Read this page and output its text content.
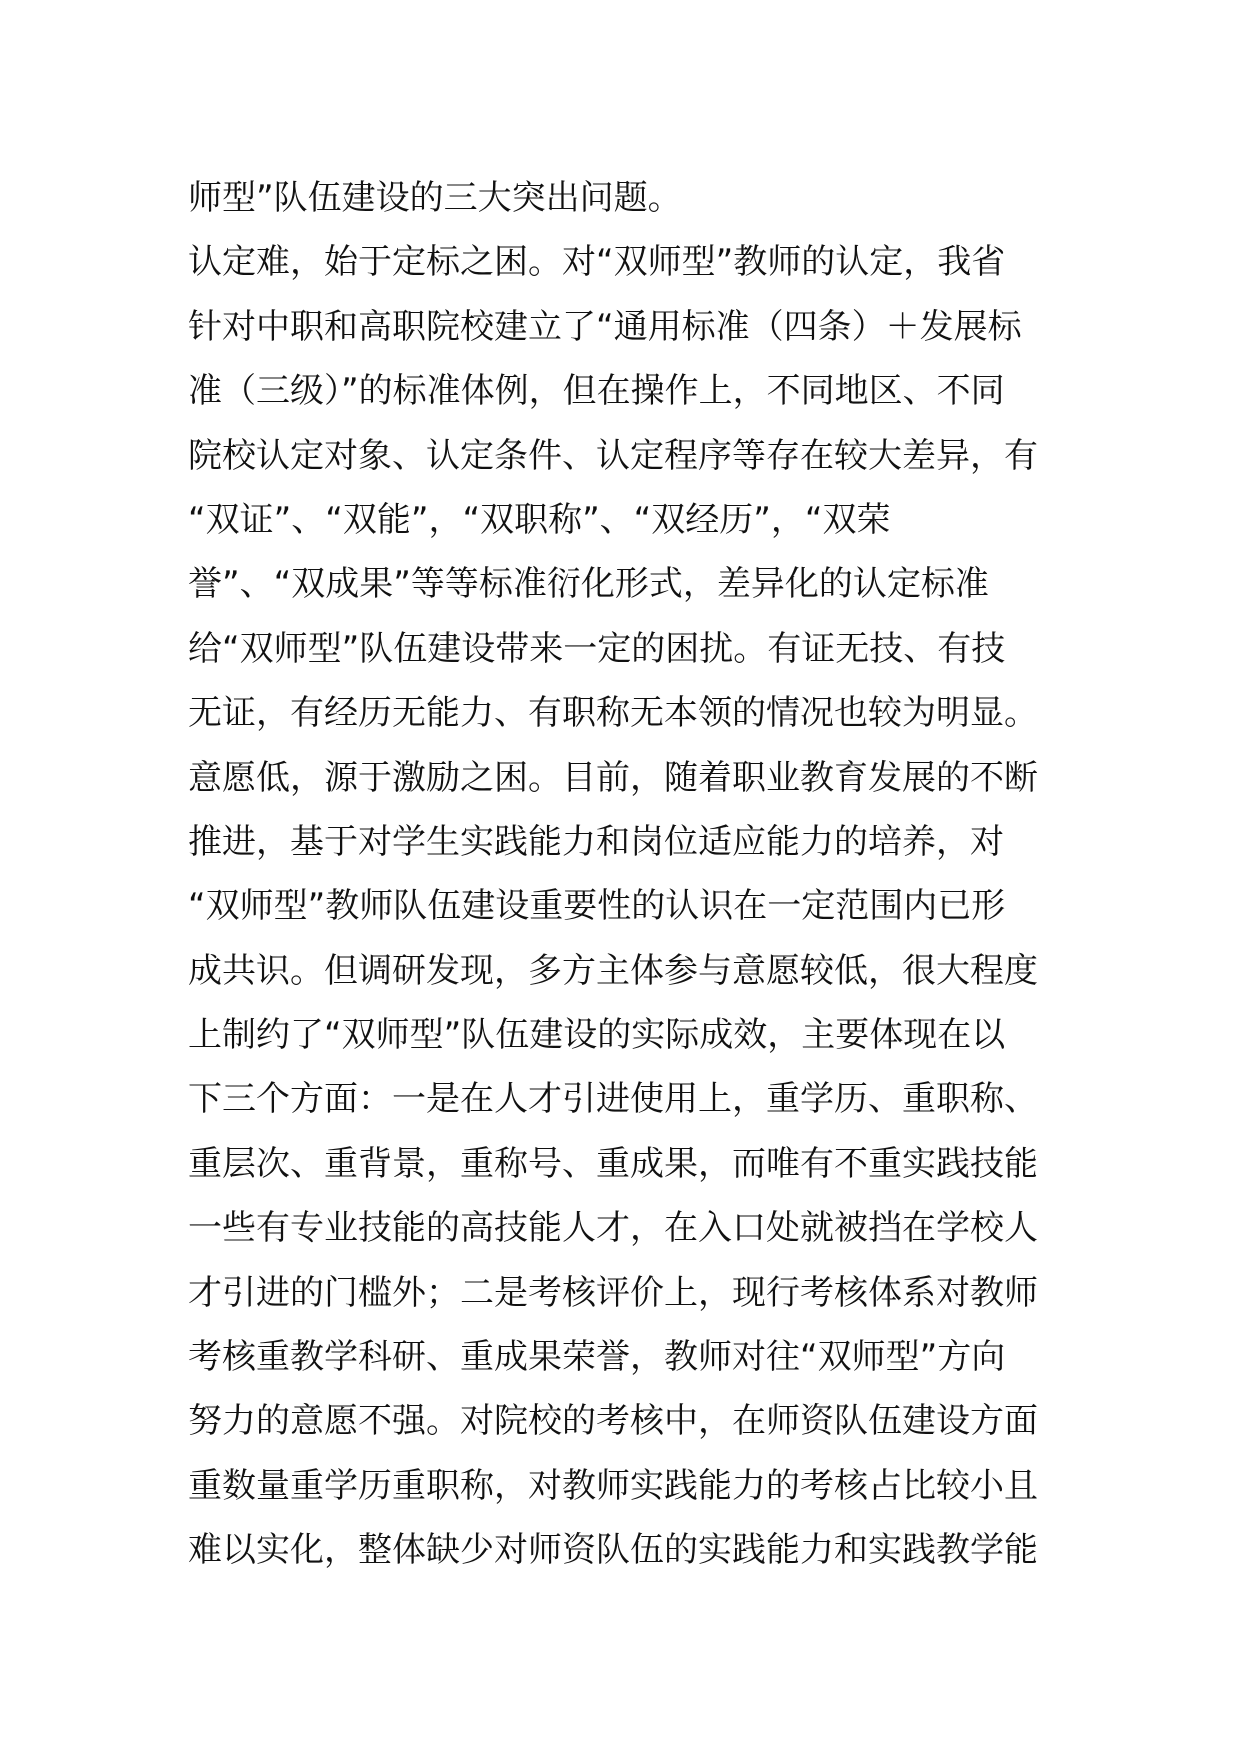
师型”队伍建设的三大突出问题。
认定难，始于定标之困。对“双师型”教师的认定，我省
针对中职和高职院校建立了“通用标准（四条）＋发展标
准（三级）”的标准体例，但在操作上，不同地区、不同
院校认定对象、认定条件、认定程序等存在较大差异，有
“双证”、“双能”，“双职称”、“双经历”，“双荣
誉”、“双成果”等等标准衍化形式，差异化的认定标准
给“双师型”队伍建设带来一定的困扰。有证无技、有技
无证，有经历无能力、有职称无本领的情况也较为明显。
意愿低，源于激励之困。目前，随着职业教育发展的不断
推进，基于对学生实践能力和岗位适应能力的培养，对
“双师型”教师队伍建设重要性的认识在一定范围内已形
成共识。但调研发现，多方主体参与意愿较低，很大程度
上制约了“双师型”队伍建设的实际成效，主要体现在以
下三个方面：一是在人才引进使用上，重学历、重职称、
重层次、重背景，重称号、重成果，而唯有不重实践技能
一些有专业技能的高技能人才，在入口处就被挡在学校人
才引进的门槛外；二是考核评价上，现行考核体系对教师
考核重教学科研、重成果荣誉，教师对往“双师型”方向
努力的意愿不强。对院校的考核中，在师资队伍建设方面
重数量重学历重职称，对教师实践能力的考核占比较小且
难以实化，整体缺少对师资队伍的实践能力和实践教学能
